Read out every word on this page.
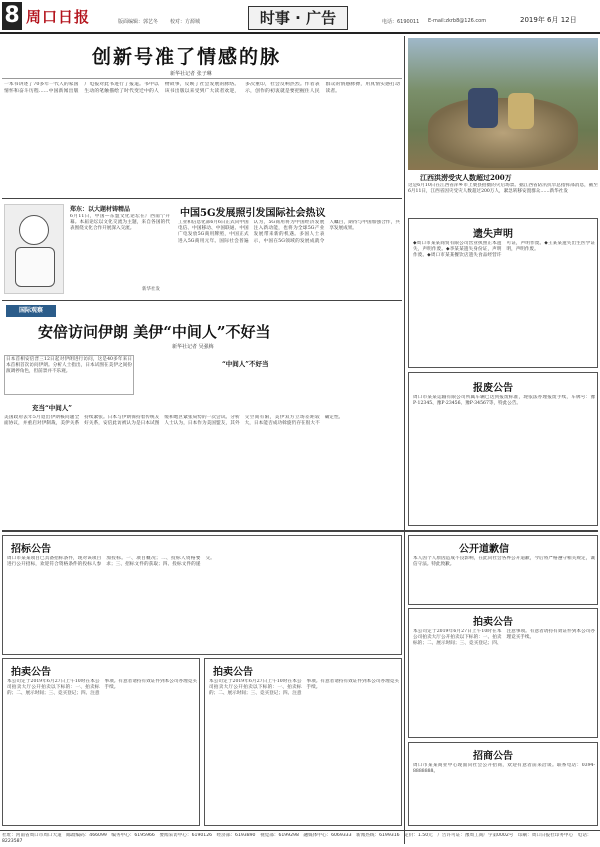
8 周口日报	版面编辑：郭艺冬 校对：方源城	时事 · 广告	电话：6190011 E-mail:zkrb8@126.com	2019年 6月 12日
创新号准了情感的脉
新华社记者 张子琳
一本书讲述了70多年一代人的家国情怀和奋斗历程……中国新闻出版广电报对此书进行了报道。书中以生动的笔触描绘了时代变迁中的人物故事，反映了社会发展的脉络。该书出版以来受到广大读者欢迎，多次重印，社会反响热烈。作者表示，创作的初衷就是要把握住人民群众的情感脉搏，用真情实感打动读者。
江西洪涝受灾人数超过200万
这是6月10日在江西省萍乡市上栗县拍摄的灾后场景。据江西省防汛抗旱总指挥部消息，截至6月11日，江西省因灾受灾人数超过200万人，紧急转移安置群众……新华社发
郑东：以大题材铸精品
6月11日，中国—东盟文化论坛在广西南宁开幕。本届论坛以文化交流为主题，来自各国的代表围绕文化合作开展深入交流。
新华社发
中国5G发展照引发国际社会热议
工业和信息化部6月6日正式向中国电信、中国移动、中国联通、中国广电发放5G商用牌照，中国正式进入5G商用元年。国际社会普遍认为，5G商用将为中国经济发展注入新动能，也将为全球5G产业发展带来新的机遇。多国人士表示，中国在5G领域的发展成就令人瞩目，期待与中国加强合作，共享发展成果。
遗失声明
◆周口市某某商贸有限公司营业执照正本遗失，声明作废。◆李某某遗失身份证，声明作废。◆周口市某某餐饮店遗失食品经营许可证，声明作废。◆王某某遗失出生医学证明，声明作废。
国际观察
安倍访问伊朗 美伊“中间人”不好当
新华社记者 吴强梅
日本首相安倍晋三12日起对伊朗进行访问，这是40多年来日本首相首次访问伊朗。分析人士指出，日本试图在美伊之间扮演调停角色，但前景并不乐观。
充当“中间人”
“中间人”不好当
美国政府去年5月退出伊朗核问题全面协议，并重启对伊制裁，美伊关系持续紧张。日本与伊朗保持着传统友好关系，安倍此访被认为是日本试图缓和地区紧张局势的一次尝试。分析人士认为，日本作为美国盟友，其外交空间有限，美伊双方立场差距较大，日本能否成功斡旋仍存在很大不确定性。
报废公告
周口市某某运输有限公司所属车辆已达到报废标准，现依法办理报废手续，车牌号：豫P·12345、豫P·23456、豫P·34567等，特此公告。
招标公告
周口市某某项目已具备招标条件，现对该项目进行公开招标，欢迎符合资格条件的投标人参加投标。一、项目概况；二、投标人资格要求；三、招标文件的获取；四、投标文件的递交。
公开道歉信
本人因个人原因造成不良影响，在此向社会各界公开道歉，今后将严格遵守相关规定，诚信守法。特此致歉。
拍卖公告
本公司定于2019年6月27日上午10时在本公司拍卖大厅公开拍卖以下标的：一、拍卖标的；二、展示时间；三、竞买登记；四、注意事项。有意者请持有效证件到本公司办理竞买手续。
拍卖公告
本公司定于2019年6月27日上午10时在本公司拍卖大厅公开拍卖以下标的：一、拍卖标的；二、展示时间；三、竞买登记；四、注意事项。有意者请持有效证件到本公司办理竞买手续。
拍卖公告
本公司定于2019年6月27日上午10时在本公司拍卖大厅公开拍卖以下标的：一、拍卖标的；二、展示时间；三、竞买登记；四、注意事项。有意者请持有效证件到本公司办理竞买手续。
招商公告
周口市某某商业中心现面向社会公开招商，欢迎有意者前来洽谈。联系电话：0394-8888888。
社址：河南省周口市周口大道　邮政编码：466099　编务中心：6195966　要闻采访中心：6190126　经济部：6193890　视觉部：6199298　融媒体中心：6069333　新闻热线：6199316　定价：1.50元　广告许可证：豫周工商广字第0002号　印刷：周口日报社印务中心　电话：8223587
